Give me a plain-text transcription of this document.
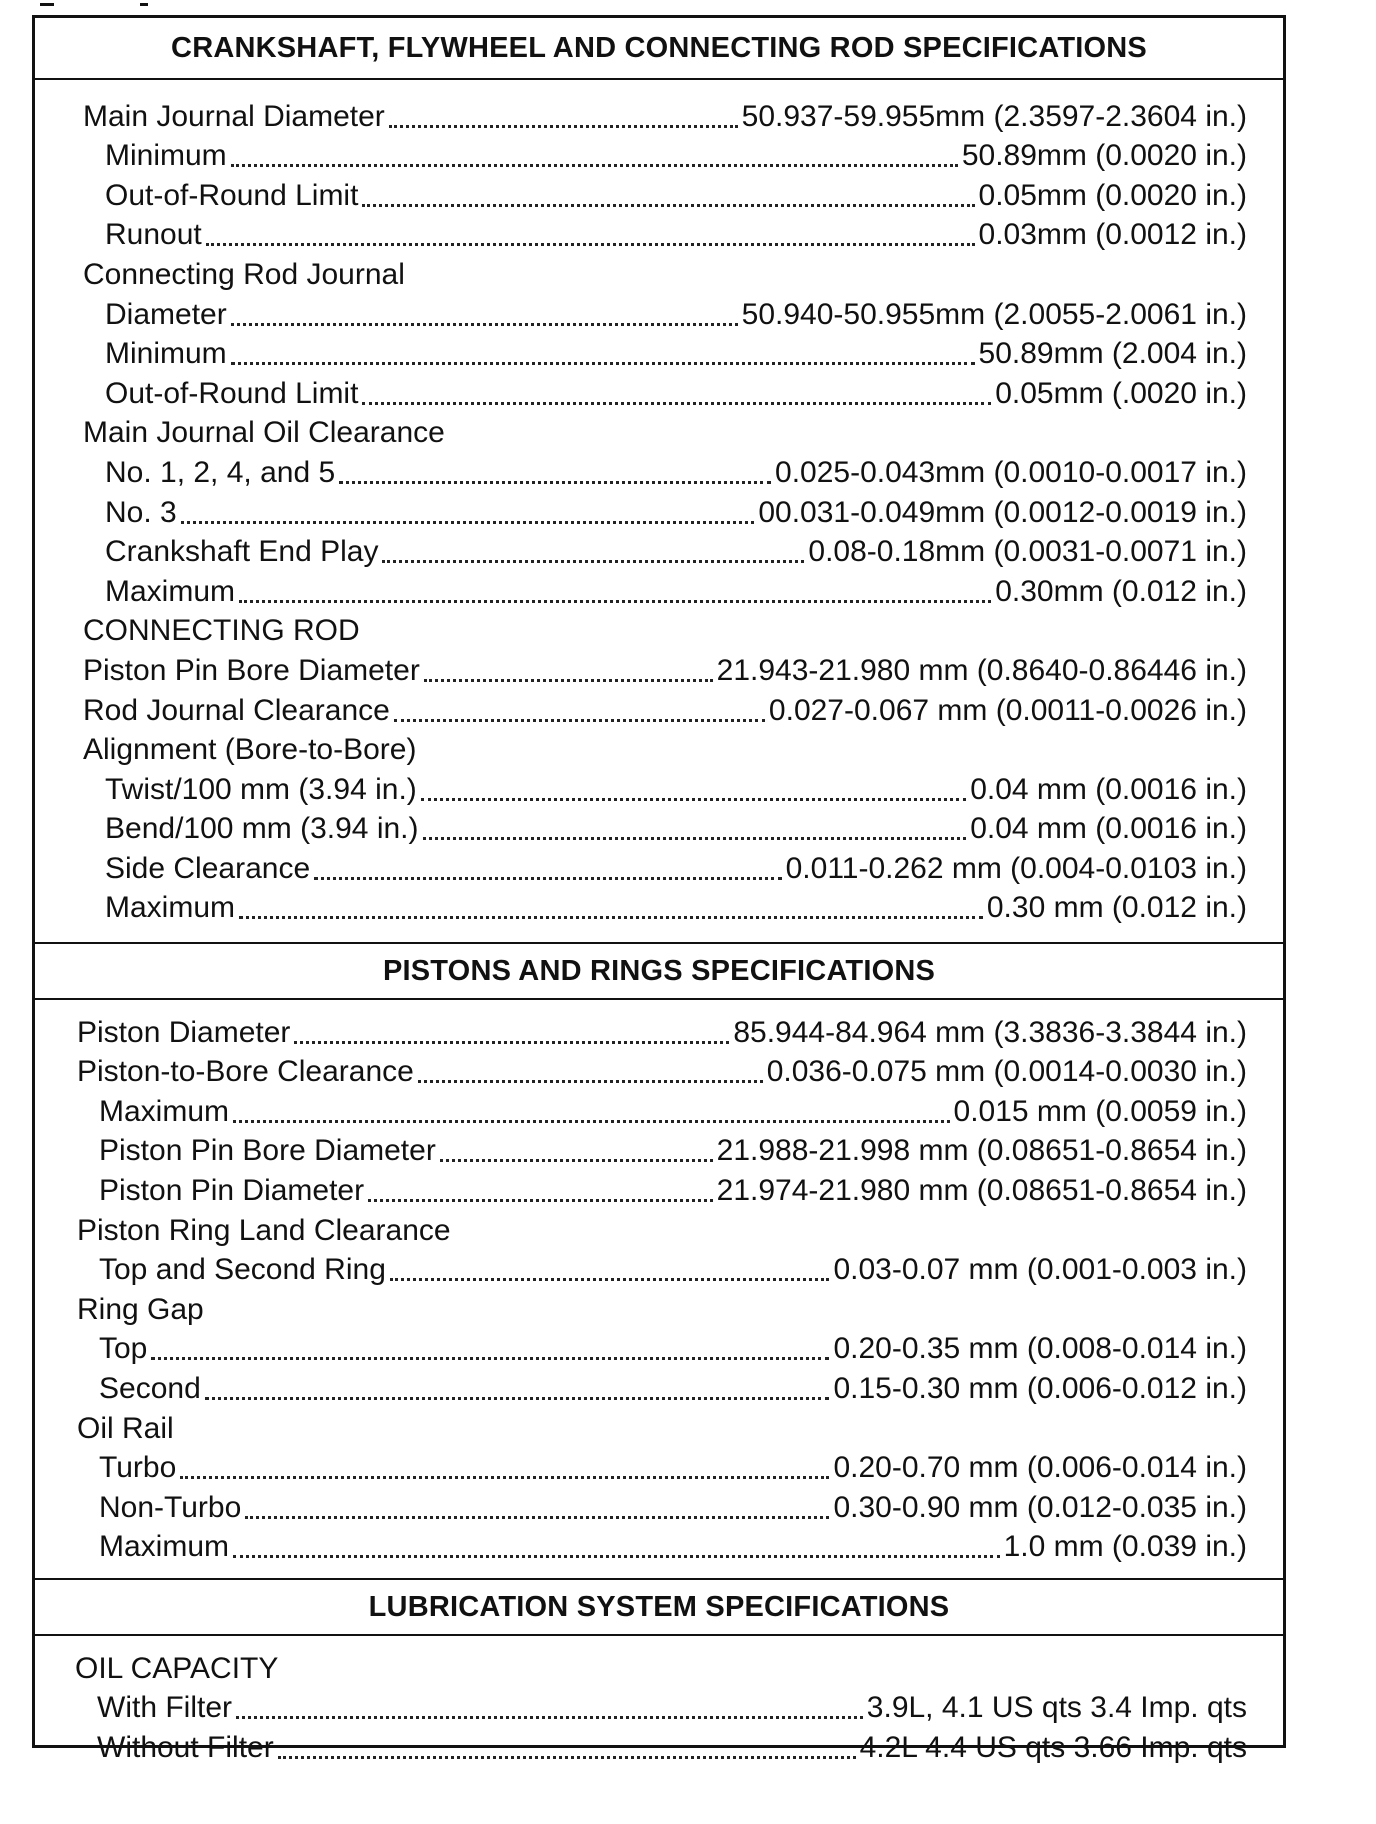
CRANKSHAFT, FLYWHEEL AND CONNECTING ROD SPECIFICATIONS
Main Journal Diameter	50.937-59.955mm (2.3597-2.3604 in.)
Minimum	50.89mm (0.0020 in.)
Out-of-Round Limit	0.05mm (0.0020 in.)
Runout	0.03mm (0.0012 in.)
Connecting Rod Journal
Diameter	50.940-50.955mm (2.0055-2.0061 in.)
Minimum	50.89mm (2.004 in.)
Out-of-Round Limit	0.05mm (.0020 in.)
Main Journal Oil Clearance
No. 1, 2, 4, and 5	0.025-0.043mm (0.0010-0.0017 in.)
No. 3	00.031-0.049mm (0.0012-0.0019 in.)
Crankshaft End Play	0.08-0.18mm (0.0031-0.0071 in.)
Maximum	0.30mm (0.012 in.)
CONNECTING ROD
Piston Pin Bore Diameter	21.943-21.980 mm (0.8640-0.86446 in.)
Rod Journal Clearance	0.027-0.067 mm (0.0011-0.0026 in.)
Alignment (Bore-to-Bore)
Twist/100 mm (3.94 in.)	0.04 mm (0.0016 in.)
Bend/100 mm (3.94 in.)	0.04 mm (0.0016 in.)
Side Clearance	0.011-0.262 mm (0.004-0.0103 in.)
Maximum	0.30 mm (0.012 in.)
PISTONS AND RINGS SPECIFICATIONS
Piston Diameter	85.944-84.964 mm (3.3836-3.3844 in.)
Piston-to-Bore Clearance	0.036-0.075 mm (0.0014-0.0030 in.)
Maximum	0.015 mm (0.0059 in.)
Piston Pin Bore Diameter	21.988-21.998 mm (0.08651-0.8654 in.)
Piston Pin Diameter	21.974-21.980 mm (0.08651-0.8654 in.)
Piston Ring Land Clearance
Top and Second Ring	0.03-0.07 mm (0.001-0.003 in.)
Ring Gap
Top	0.20-0.35 mm (0.008-0.014 in.)
Second	0.15-0.30 mm (0.006-0.012 in.)
Oil Rail
Turbo	0.20-0.70 mm (0.006-0.014 in.)
Non-Turbo	0.30-0.90 mm (0.012-0.035 in.)
Maximum	1.0 mm (0.039 in.)
LUBRICATION SYSTEM SPECIFICATIONS
OIL CAPACITY
With Filter	3.9L, 4.1 US qts 3.4 Imp. qts
Without Filter	4.2L 4.4 US qts 3.66 Imp. qts
